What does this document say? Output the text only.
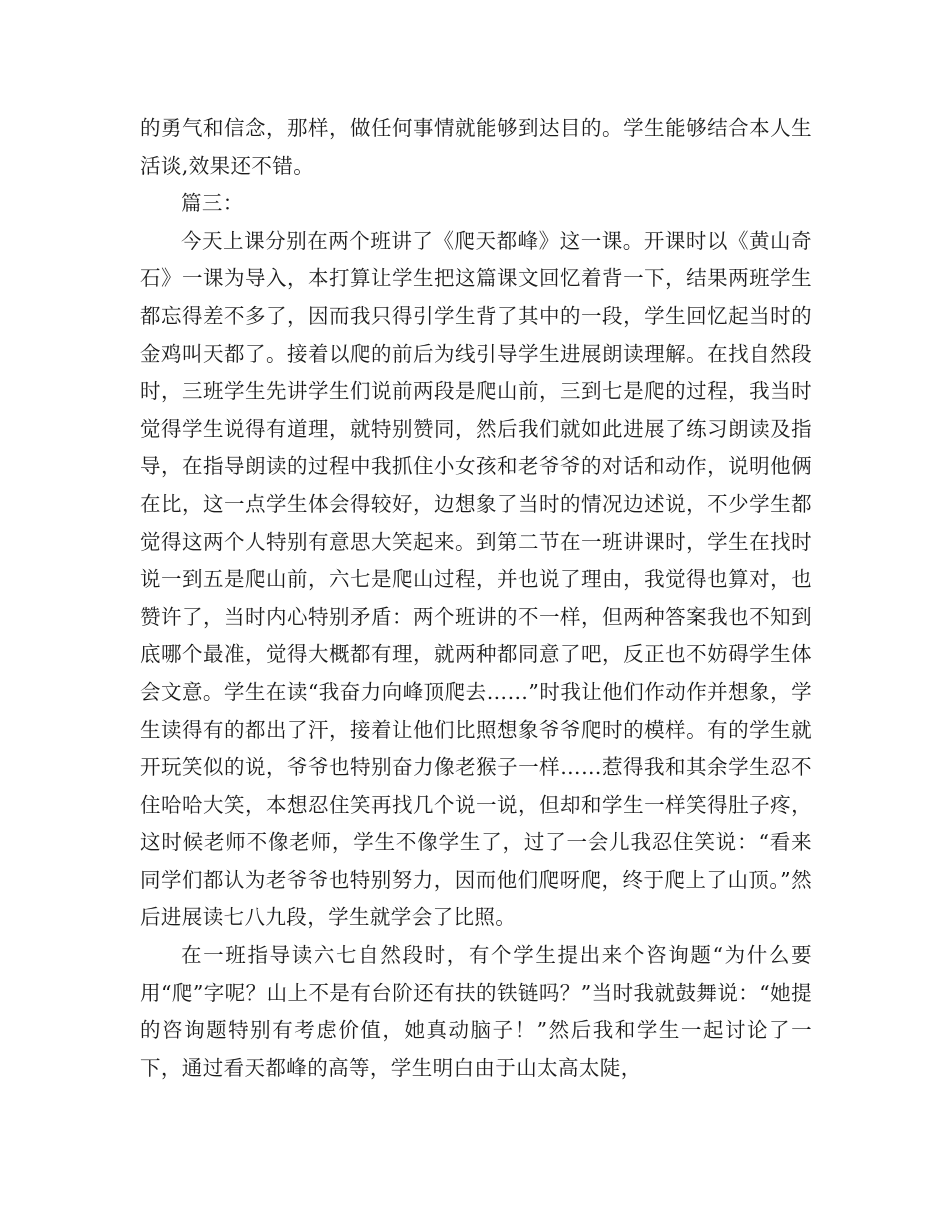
的勇气和信念，那样，做任何事情就能够到达目的。学生能够结合本人生活谈,效果还不错。

篇三：

今天上课分别在两个班讲了《爬天都峰》这一课。开课时以《黄山奇石》一课为导入，本打算让学生把这篇课文回忆着背一下，结果两班学生都忘得差不多了，因而我只得引学生背了其中的一段，学生回忆起当时的金鸡叫天都了。接着以爬的前后为线引导学生进展朗读理解。在找自然段时，三班学生先讲学生们说前两段是爬山前，三到七是爬的过程，我当时觉得学生说得有道理，就特别赞同，然后我们就如此进展了练习朗读及指导，在指导朗读的过程中我抓住小女孩和老爷爷的对话和动作，说明他俩在比，这一点学生体会得较好，边想象了当时的情况边述说，不少学生都觉得这两个人特别有意思大笑起来。到第二节在一班讲课时，学生在找时说一到五是爬山前，六七是爬山过程，并也说了理由，我觉得也算对，也赞许了，当时内心特别矛盾：两个班讲的不一样，但两种答案我也不知到底哪个最准，觉得大概都有理，就两种都同意了吧，反正也不妨碍学生体会文意。学生在读“我奋力向峰顶爬去……”时我让他们作动作并想象，学生读得有的都出了汗，接着让他们比照想象爷爷爬时的模样。有的学生就开玩笑似的说，爷爷也特别奋力像老猴子一样……惹得我和其余学生忍不住哈哈大笑，本想忍住笑再找几个说一说，但却和学生一样笑得肚子疼，这时候老师不像老师，学生不像学生了，过了一会儿我忍住笑说：“看来同学们都认为老爷爷也特别努力，因而他们爬呀爬，终于爬上了山顶。”然后进展读七八九段，学生就学会了比照。

在一班指导读六七自然段时，有个学生提出来个咨询题“为什么要用“爬”字呢？山上不是有台阶还有扶的铁链吗？”当时我就鼓舞说：“她提的咨询题特别有考虑价值，她真动脑子！”然后我和学生一起讨论了一下，通过看天都峰的高等，学生明白由于山太高太陡，
